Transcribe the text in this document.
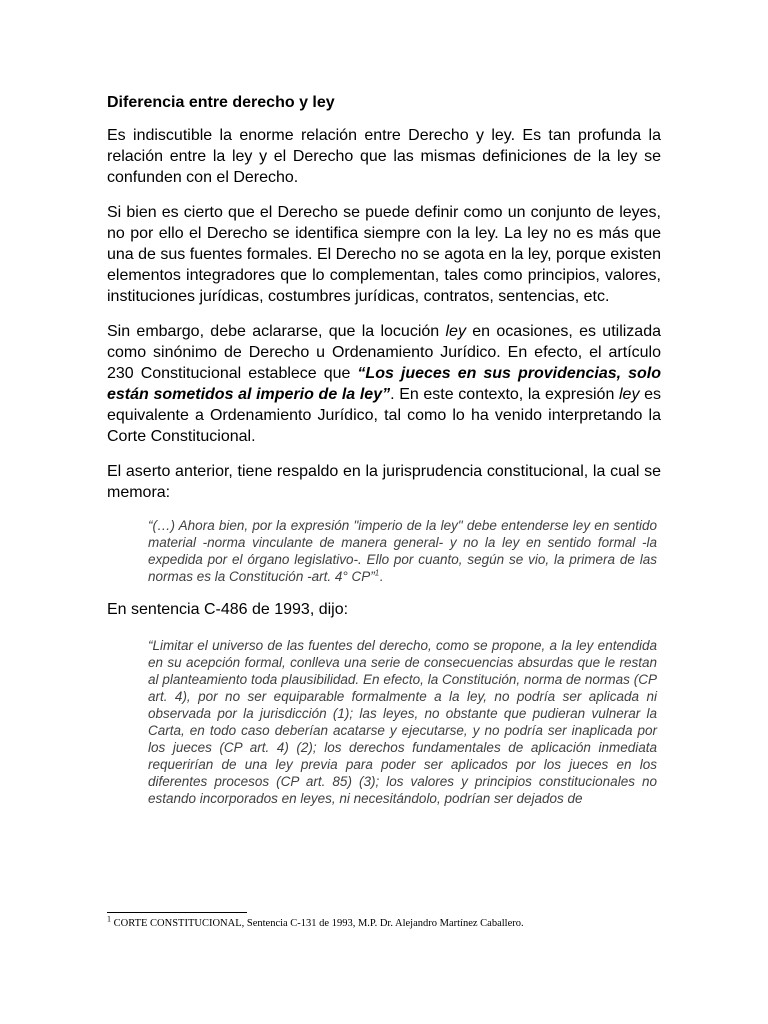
Diferencia entre derecho y ley

Es indiscutible la enorme relación entre Derecho y ley. Es tan profunda la relación entre la ley y el Derecho que las mismas definiciones de la ley se confunden con el Derecho.

Si bien es cierto que el Derecho se puede definir como un conjunto de leyes, no por ello el Derecho se identifica siempre con la ley. La ley no es más que una de sus fuentes formales. El Derecho no se agota en la ley, porque existen elementos integradores que lo complementan, tales como principios, valores, instituciones jurídicas, costumbres jurídicas, contratos, sentencias, etc.

Sin embargo, debe aclararse, que la locución ley en ocasiones, es utilizada como sinónimo de Derecho u Ordenamiento Jurídico. En efecto, el artículo 230 Constitucional establece que “Los jueces en sus providencias, solo están sometidos al imperio de la ley”. En este contexto, la expresión ley es equivalente a Ordenamiento Jurídico, tal como lo ha venido interpretando la Corte Constitucional.

El aserto anterior, tiene respaldo en la jurisprudencia constitucional, la cual se memora:

“(…) Ahora bien, por la expresión "imperio de la ley" debe entenderse ley en sentido material -norma vinculante de manera general- y no la ley en sentido formal -la expedida por el órgano legislativo-. Ello por cuanto, según se vio, la primera de las normas es la Constitución -art. 4° CP”$^1$.

En sentencia C-486 de 1993, dijo:

“Limitar el universo de las fuentes del derecho, como se propone, a la ley entendida en su acepción formal, conlleva una serie de consecuencias absurdas que le restan al planteamiento toda plausibilidad. En efecto, la Constitución, norma de normas (CP art. 4), por no ser equiparable formalmente a la ley, no podría ser aplicada ni observada por la jurisdicción (1); las leyes, no obstante que pudieran vulnerar la Carta, en todo caso deberían acatarse y ejecutarse, y no podría ser inaplicada por los jueces (CP art. 4) (2); los derechos fundamentales de aplicación inmediata requerirían de una ley previa para poder ser aplicados por los jueces en los diferentes procesos (CP art. 85) (3); los valores y principios constitucionales no estando incorporados en leyes, ni necesitándolo, podrían ser dejados de

$^1$ CORTE CONSTITUCIONAL, Sentencia C-131 de 1993, M.P. Dr. Alejandro Martínez Caballero.
